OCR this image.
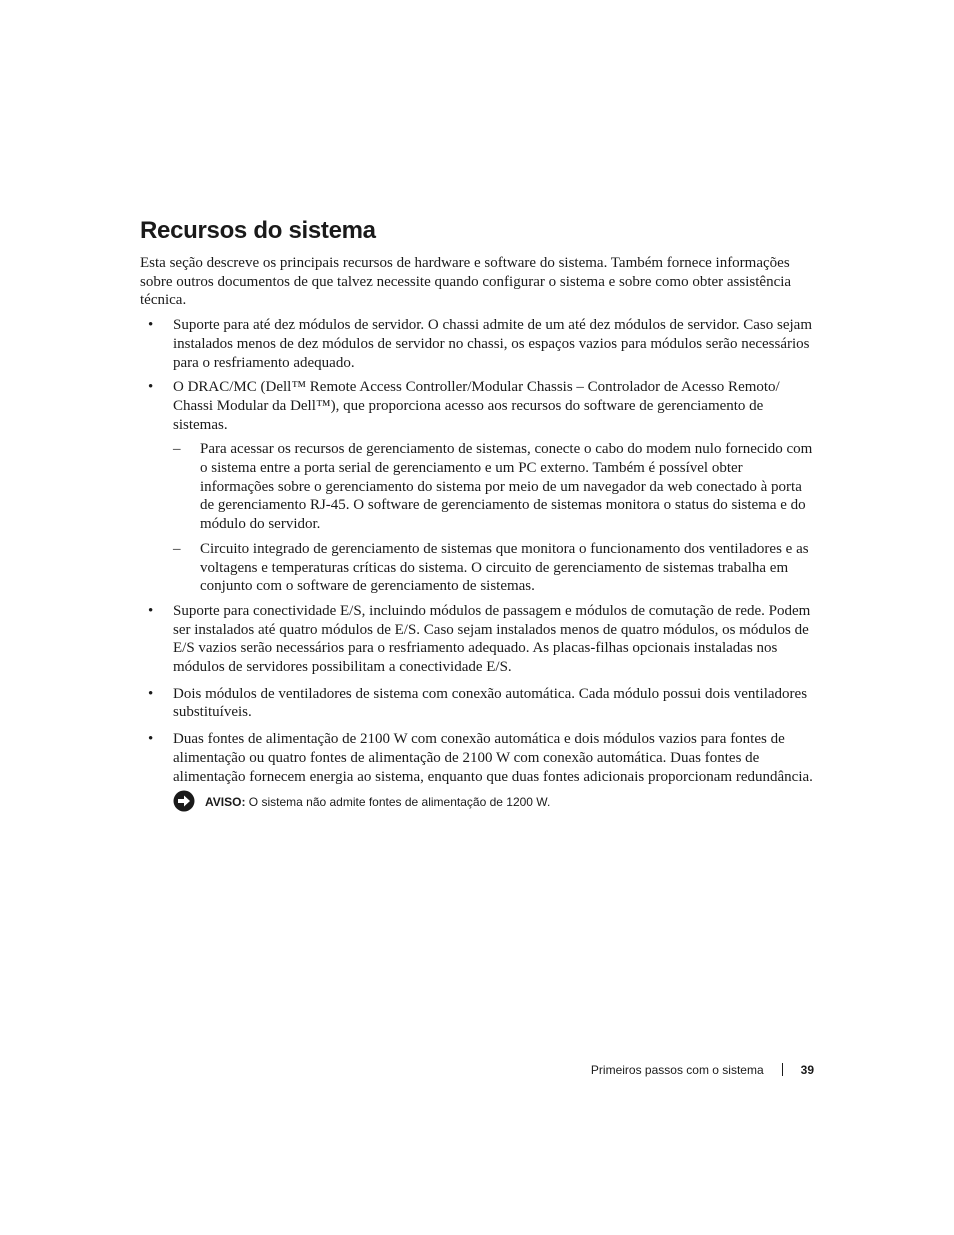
Recursos do sistema

Esta seção descreve os principais recursos de hardware e software do sistema. Também fornece informações sobre outros documentos de que talvez necessite quando configurar o sistema e sobre como obter assistência técnica.

• Suporte para até dez módulos de servidor. O chassi admite de um até dez módulos de servidor. Caso sejam instalados menos de dez módulos de servidor no chassi, os espaços vazios para módulos serão necessários para o resfriamento adequado.
• O DRAC/MC (Dell™ Remote Access Controller/Modular Chassis – Controlador de Acesso Remoto/ Chassi Modular da Dell™), que proporciona acesso aos recursos do software de gerenciamento de sistemas.
– Para acessar os recursos de gerenciamento de sistemas, conecte o cabo do modem nulo fornecido com o sistema entre a porta serial de gerenciamento e um PC externo. Também é possível obter informações sobre o gerenciamento do sistema por meio de um navegador da web conectado à porta de gerenciamento RJ-45. O software de gerenciamento de sistemas monitora o status do sistema e do módulo do servidor.
– Circuito integrado de gerenciamento de sistemas que monitora o funcionamento dos ventiladores e as voltagens e temperaturas críticas do sistema. O circuito de gerenciamento de sistemas trabalha em conjunto com o software de gerenciamento de sistemas.
• Suporte para conectividade E/S, incluindo módulos de passagem e módulos de comutação de rede. Podem ser instalados até quatro módulos de E/S. Caso sejam instalados menos de quatro módulos, os módulos de E/S vazios serão necessários para o resfriamento adequado. As placas-filhas opcionais instaladas nos módulos de servidores possibilitam a conectividade E/S.
• Dois módulos de ventiladores de sistema com conexão automática. Cada módulo possui dois ventiladores substituíveis.
• Duas fontes de alimentação de 2100 W com conexão automática e dois módulos vazios para fontes de alimentação ou quatro fontes de alimentação de 2100 W com conexão automática. Duas fontes de alimentação fornecem energia ao sistema, enquanto que duas fontes adicionais proporcionam redundância.
AVISO: O sistema não admite fontes de alimentação de 1200 W.
Primeiros passos com o sistema	39
